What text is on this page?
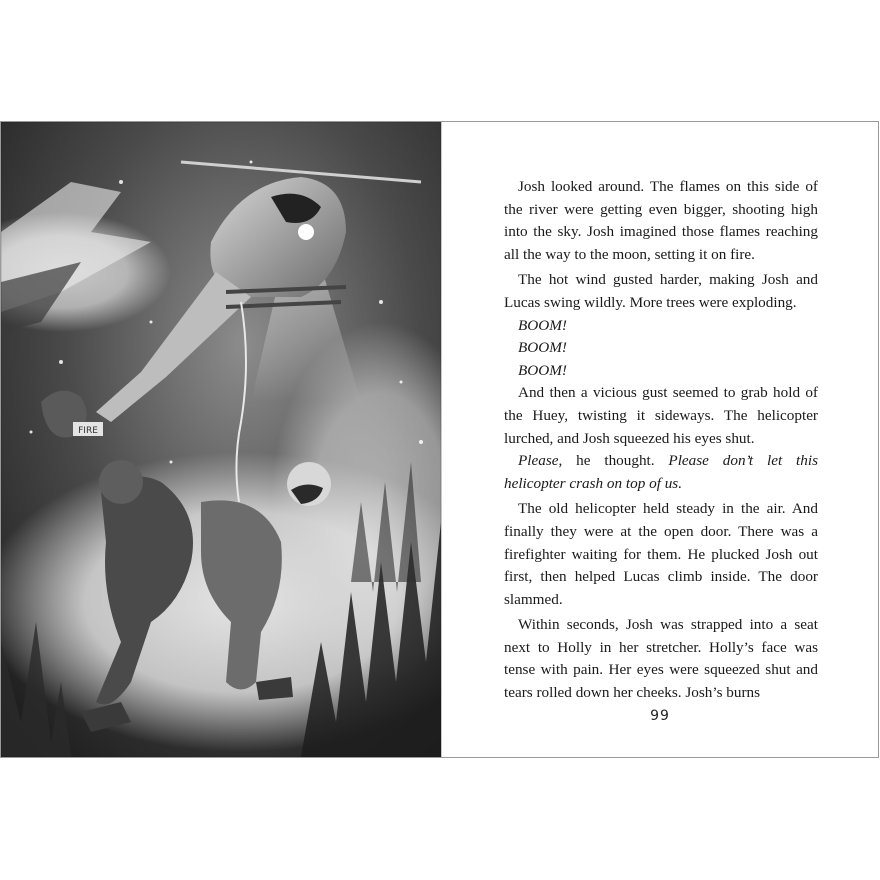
FIRE

Josh looked around. The flames on this side of the river were getting even bigger, shooting high into the sky. Josh imagined those flames reaching all the way to the moon, setting it on fire.

The hot wind gusted harder, making Josh and Lucas swing wildly. More trees were exploding.

BOOM!

BOOM!

BOOM!

And then a vicious gust seemed to grab hold of the Huey, twisting it sideways. The helicopter lurched, and Josh squeezed his eyes shut.

Please, he thought. Please don’t let this helicopter crash on top of us.

The old helicopter held steady in the air. And finally they were at the open door. There was a firefighter waiting for them. He plucked Josh out first, then helped Lucas climb inside. The door slammed.

Within seconds, Josh was strapped into a seat next to Holly in her stretcher. Holly’s face was tense with pain. Her eyes were squeezed shut and tears rolled down her cheeks. Josh’s burns

99
